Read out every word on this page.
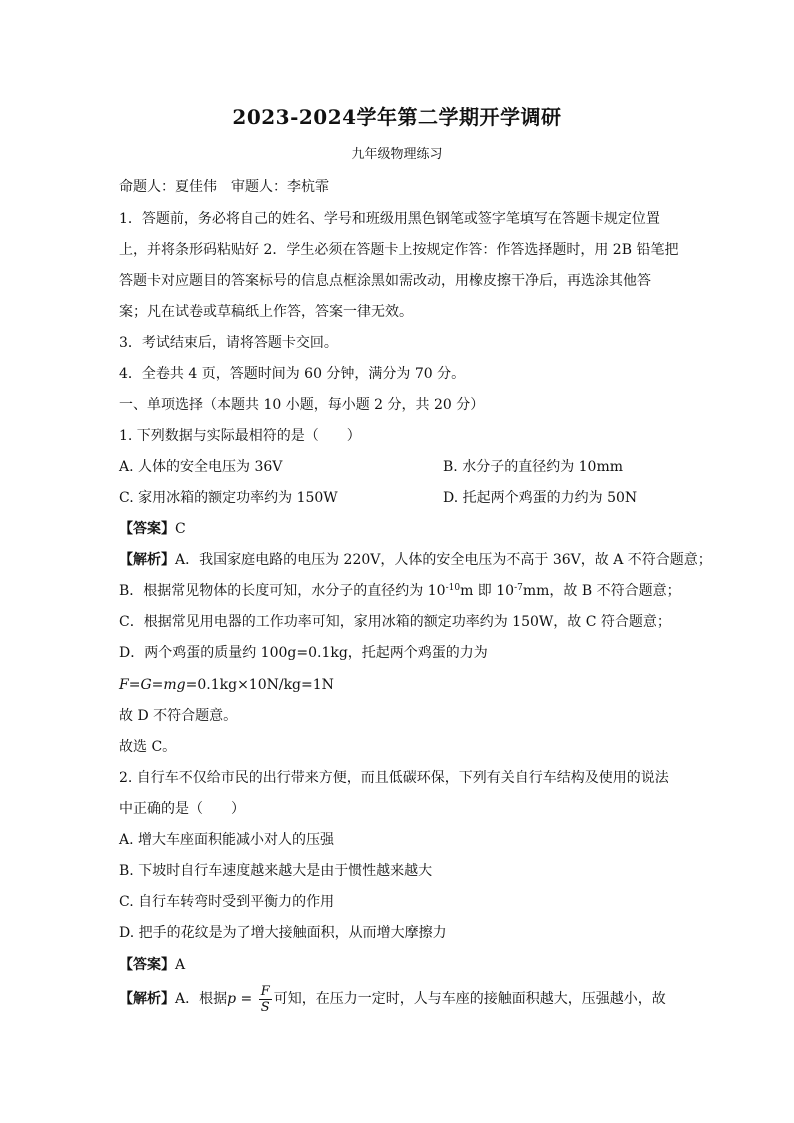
2023-2024学年第二学期开学调研
九年级物理练习
命题人：夏佳伟　审题人：李杭霏
1．答题前，务必将自己的姓名、学号和班级用黑色钢笔或签字笔填写在答题卡规定位置
上，并将条形码粘贴好 2．学生必须在答题卡上按规定作答：作答选择题时，用 2B 铅笔把
答题卡对应题目的答案标号的信息点框涂黑如需改动，用橡皮擦干净后，再选涂其他答
案；凡在试卷或草稿纸上作答，答案一律无效。
3．考试结束后，请将答题卡交回。
4．全卷共 4 页，答题时间为 60 分钟，满分为 70 分。
一、单项选择（本题共 10 小题，每小题 2 分，共 20 分）
1. 下列数据与实际最相符的是（　　）
A. 人体的安全电压为 36V	B. 水分子的直径约为 10mm
C. 家用冰箱的额定功率约为 150W	D. 托起两个鸡蛋的力约为 50N
【答案】C
【解析】A．我国家庭电路的电压为 220V，人体的安全电压为不高于 36V，故 A 不符合题意；
B．根据常见物体的长度可知，水分子的直径约为 $10^{-10}m$ 即 $10^{-7}mm$，故 B 不符合题意；
C．根据常见用电器的工作功率可知，家用冰箱的额定功率约为 150W，故 C 符合题意；
D．两个鸡蛋的质量约 100g=0.1kg，托起两个鸡蛋的力为
F=G=mg=0.1kg×10N/kg=1N
故 D 不符合题意。
故选 C。
2. 自行车不仅给市民的出行带来方便，而且低碳环保，下列有关自行车结构及使用的说法
中正确的是（　　）
A. 增大车座面积能减小对人的压强
B. 下坡时自行车速度越来越大是由于惯性越来越大
C. 自行车转弯时受到平衡力的作用
D. 把手的花纹是为了增大接触面积，从而增大摩擦力
【答案】A
【解析】A．根据$p = \frac{F}{S}$ 可知，在压力一定时，人与车座的接触面积越大，压强越小，故
